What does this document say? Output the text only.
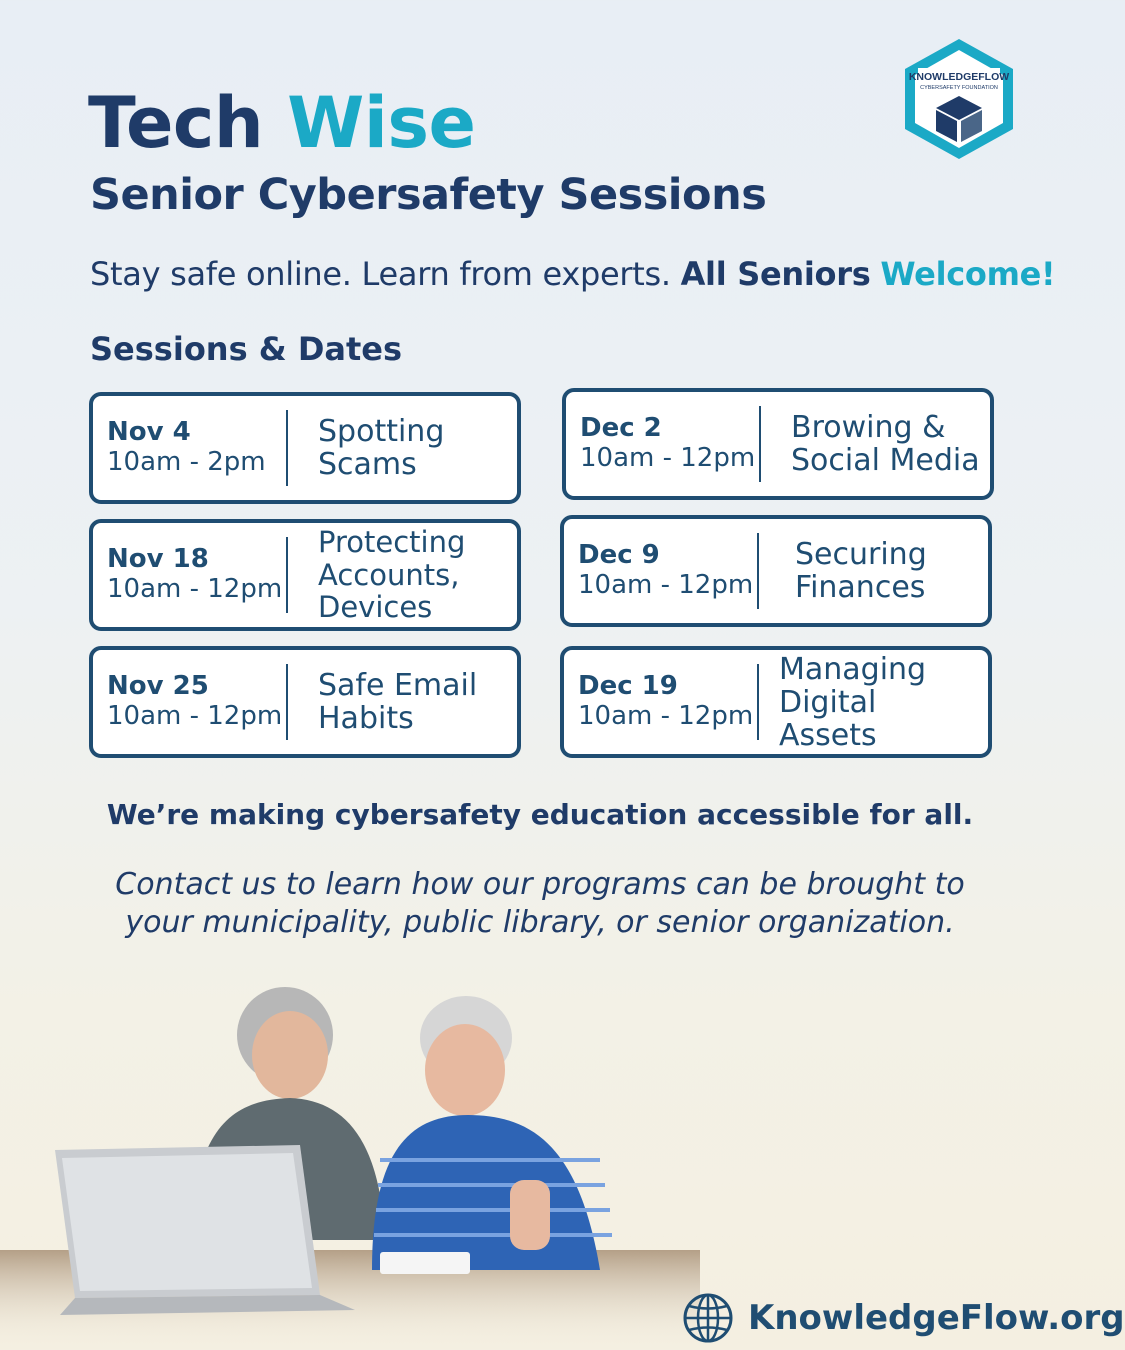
Tech Wise
Senior Cybersafety Sessions
KNOWLEDGEFLOW
CYBERSAFETY FOUNDATION
Stay safe online. Learn from experts. All Seniors Welcome!
Sessions & Dates
Nov 4
10am - 2pm
Spotting
Scams
Nov 18
10am - 12pm
Protecting
Accounts,
Devices
Nov 25
10am - 12pm
Safe Email
Habits
Dec 2
10am - 12pm
Browing &
Social Media
Dec 9
10am - 12pm
Securing
Finances
Dec 19
10am - 12pm
Managing
Digital Assets
We’re making cybersafety education accessible for all.
Contact us to learn how our programs can be brought to
your municipality, public library, or senior organization.
KnowledgeFlow.org
